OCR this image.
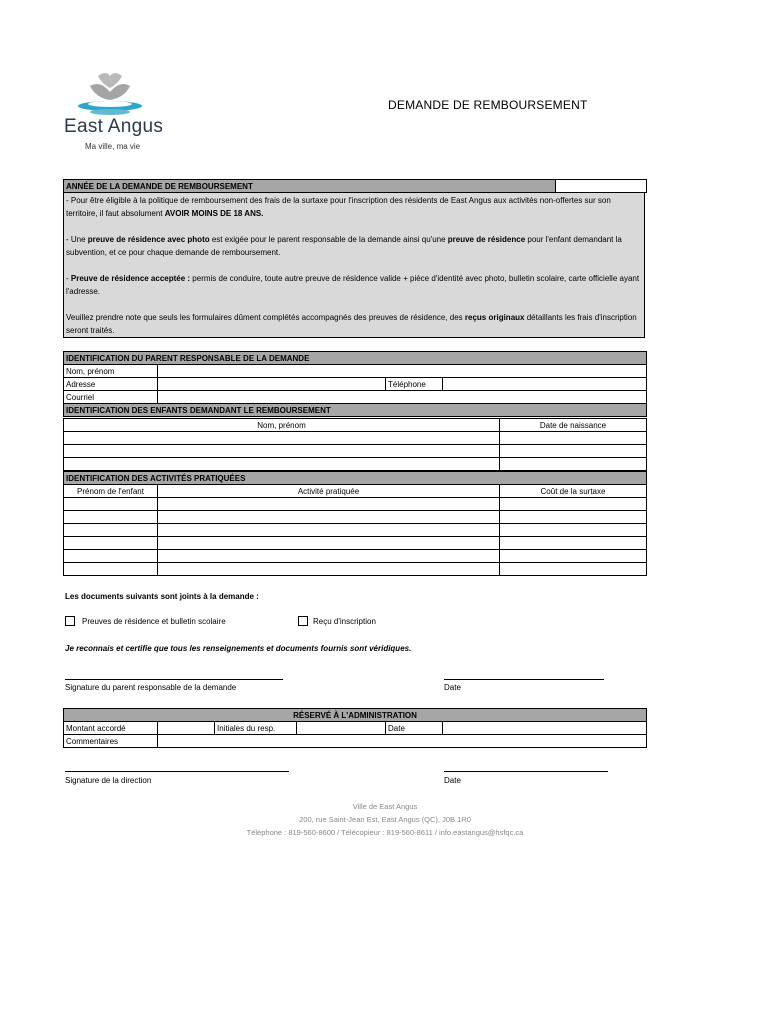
East Angus
Ma ville, ma vie
DEMANDE DE REMBOURSEMENT
ANNÉE DE LA DEMANDE DE REMBOURSEMENT	

- Pour être éligible à la politique de remboursement des frais de la surtaxe pour l'inscription des résidents de East Angus aux activités non-offertes sur son territoire, il faut absolument AVOIR MOINS DE 18 ANS.

- Une preuve de résidence avec photo est exigée pour le parent responsable de la demande ainsi qu'une preuve de résidence pour l'enfant demandant la subvention, et ce pour chaque demande de remboursement.

- Preuve de résidence acceptée : permis de conduire, toute autre preuve de résidence valide + pièce d'identité avec photo, bulletin scolaire, carte officielle ayant l'adresse.

Veuillez prendre note que seuls les formulaires dûment complétés accompagnés des preuves de résidence, des reçus originaux détaillants les frais d'inscription seront traités.

IDENTIFICATION DU PARENT RESPONSABLE DE LA DEMANDE			
Nom, prénom			
Adresse		Téléphone	
Courriel			
IDENTIFICATION DES ENFANTS DEMANDANT LE REMBOURSEMENT			
Nom, prénom	Date de naissance

IDENTIFICATION DES ACTIVITÉS PRATIQUÉES		
Prénom de l'enfant	Activité pratiquée	Coût de la surtaxe

Les documents suivants sont joints à la demande :
Preuves de résidence et bulletin scolaire	Reçu d'inscription
Je reconnais et certifie que tous les renseignements et documents fournis sont véridiques.
Signature du parent responsable de la demande	Date
RÉSERVÉ À L'ADMINISTRATION					
Montant accordé		Initiales du resp.		Date	
Commentaires					
Signature de la direction	Date
Ville de East Angus
200, rue Saint-Jean Est, East Angus (QC), J0B 1R0
Téléphone : 819-560-8600 / Télécopieur : 819-560-8611 / info.eastangus@hsfqc.ca
